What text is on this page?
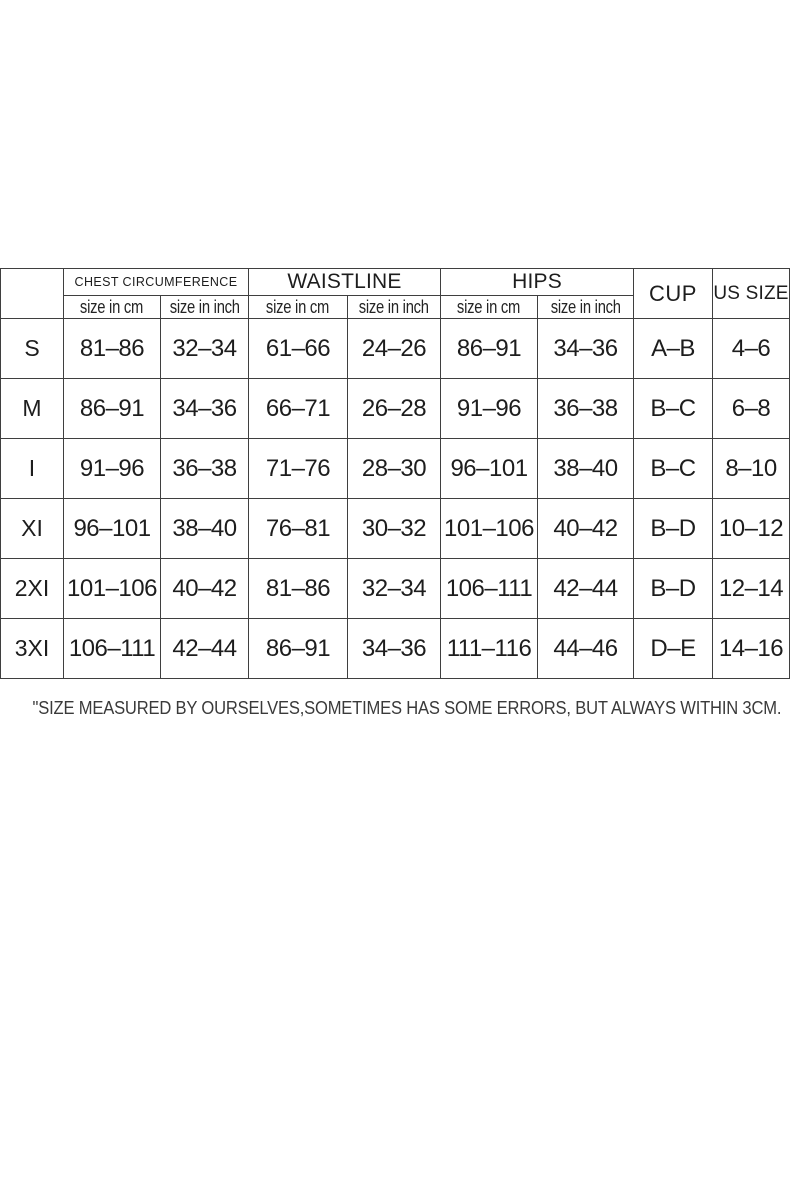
	CHEST CIRCUMFERENCE		WAISTLINE		HIPS		CUP	US SIZE
	size in cm	size in inch	size in cm	size in inch	size in cm	size in inch		
S	81–86	32–34	61–66	24–26	86–91	34–36	A–B	4–6
M	86–91	34–36	66–71	26–28	91–96	36–38	B–C	6–8
I	91–96	36–38	71–76	28–30	96–101	38–40	B–C	8–10
XI	96–101	38–40	76–81	30–32	101–106	40–42	B–D	10–12
2XI	101–106	40–42	81–86	32–34	106–111	42–44	B–D	12–14
3XI	106–111	42–44	86–91	34–36	111–116	44–46	D–E	14–16
"SIZE MEASURED BY OURSELVES,SOMETIMES HAS SOME ERRORS, BUT ALWAYS WITHIN 3CM.
